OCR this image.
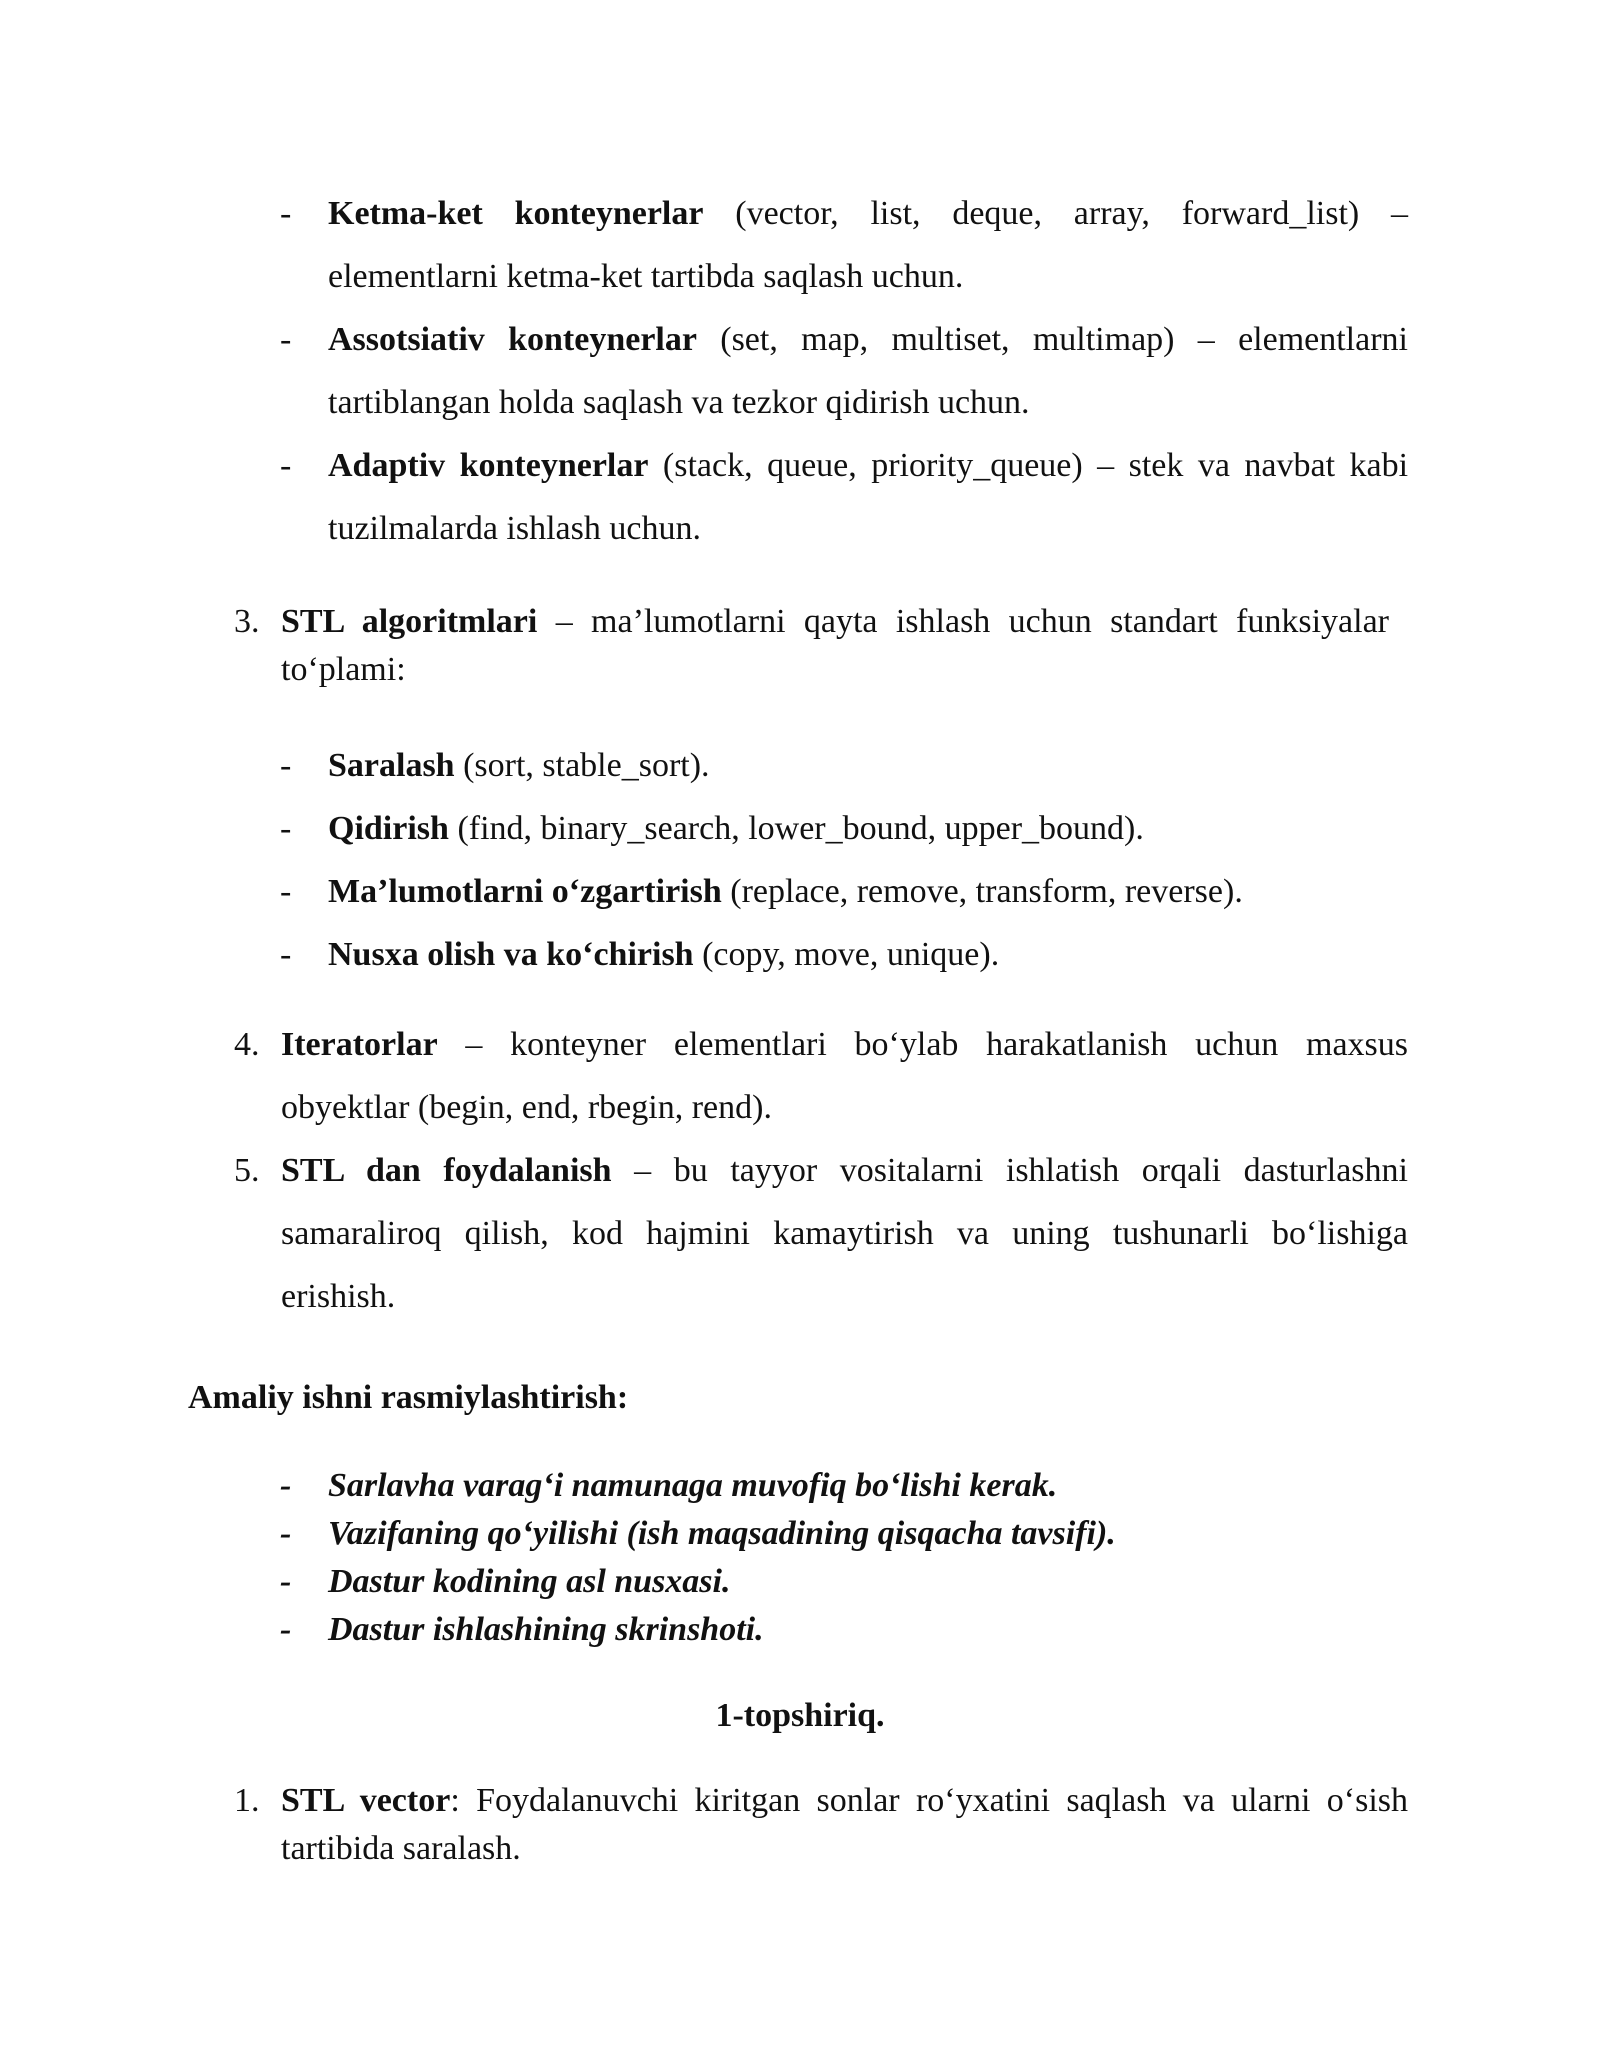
- Ketma-ket konteynerlar (vector, list, deque, array, forward_list) – elementlarni ketma-ket tartibda saqlash uchun.
- Assotsiativ konteynerlar (set, map, multiset, multimap) – elementlarni tartiblangan holda saqlash va tezkor qidirish uchun.
- Adaptiv konteynerlar (stack, queue, priority_queue) – stek va navbat kabi tuzilmalarda ishlash uchun.
3. STL algoritmlari – ma’lumotlarni qayta ishlash uchun standart funksiyalar to‘plami:
- Saralash (sort, stable_sort).
- Qidirish (find, binary_search, lower_bound, upper_bound).
- Ma’lumotlarni o‘zgartirish (replace, remove, transform, reverse).
- Nusxa olish va ko‘chirish (copy, move, unique).
4. Iteratorlar – konteyner elementlari bo‘ylab harakatlanish uchun maxsus obyektlar (begin, end, rbegin, rend).
5. STL dan foydalanish – bu tayyor vositalarni ishlatish orqali dasturlashni samaraliroq qilish, kod hajmini kamaytirish va uning tushunarli bo‘lishiga erishish.
Amaliy ishni rasmiylashtirish:
- Sarlavha varag‘i namunaga muvofiq bo‘lishi kerak.
- Vazifaning qo‘yilishi (ish maqsadining qisqacha tavsifi).
- Dastur kodining asl nusxasi.
- Dastur ishlashining skrinshoti.
1-topshiriq.
1. STL vector: Foydalanuvchi kiritgan sonlar ro‘yxatini saqlash va ularni o‘sish tartibida saralash.
